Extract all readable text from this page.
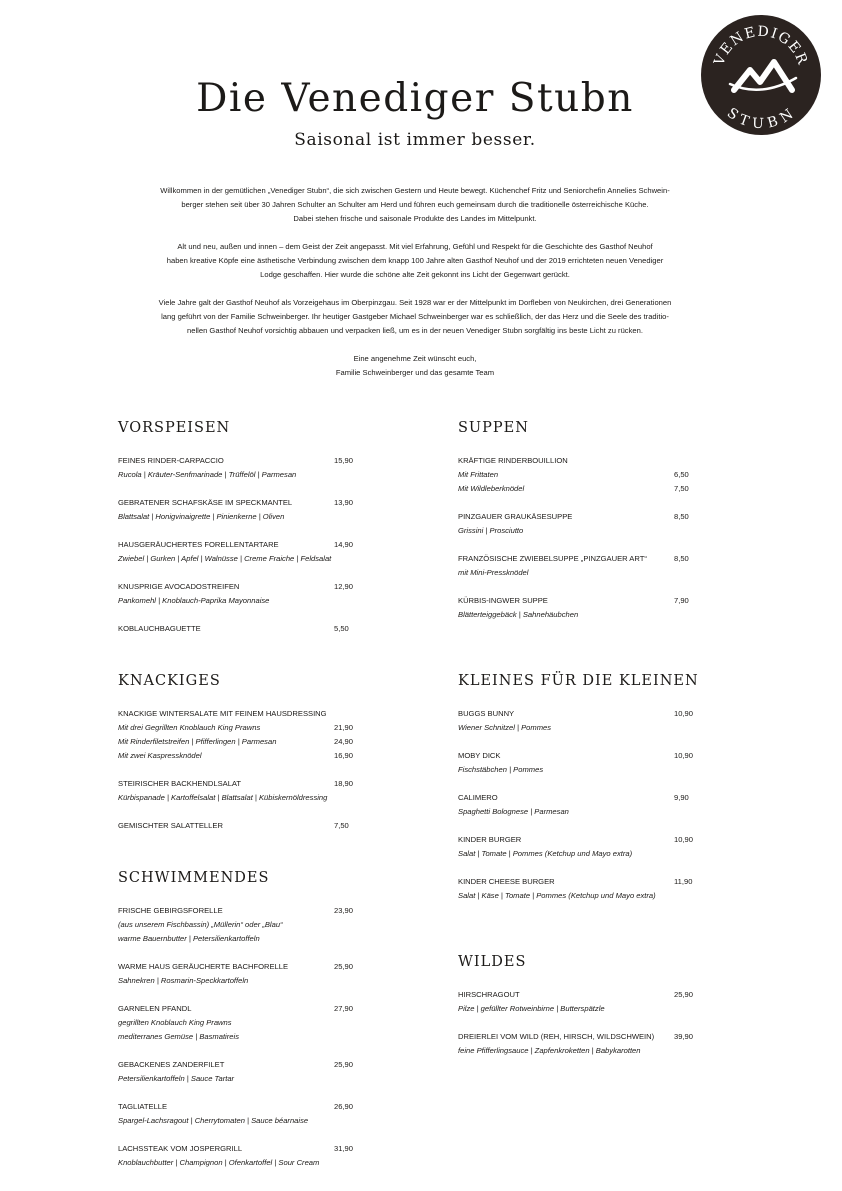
VENEDIGER
STUBN
Die Venediger Stubn
Saisonal ist immer besser.

Willkommen in der gemütlichen „Venediger Stubn“, die sich zwischen Gestern und Heute bewegt. Küchenchef Fritz und Seniorchefin Annelies Schwein-
berger stehen seit über 30 Jahren Schulter an Schulter am Herd und führen euch gemeinsam durch die traditionelle österreichische Küche.
Dabei stehen frische und saisonale Produkte des Landes im Mittelpunkt.

Alt und neu, außen und innen – dem Geist der Zeit angepasst. Mit viel Erfahrung, Gefühl und Respekt für die Geschichte des Gasthof Neuhof
haben kreative Köpfe eine ästhetische Verbindung zwischen dem knapp 100 Jahre alten Gasthof Neuhof und der 2019 errichteten neuen Venediger
Lodge geschaffen. Hier wurde die schöne alte Zeit gekonnt ins Licht der Gegenwart gerückt.

Viele Jahre galt der Gasthof Neuhof als Vorzeigehaus im Oberpinzgau. Seit 1928 war er der Mittelpunkt im Dorfleben von Neukirchen, drei Generationen
lang geführt von der Familie Schweinberger. Ihr heutiger Gastgeber Michael Schweinberger war es schließlich, der das Herz und die Seele des traditio-
nellen Gasthof Neuhof vorsichtig abbauen und verpacken ließ, um es in der neuen Venediger Stubn sorgfältig ins beste Licht zu rücken.

Eine angenehme Zeit wünscht euch,
Familie Schweinberger und das gesamte Team

VORSPEISEN
FEINES RINDER-CARPACCIO	15,90
Rucola | Kräuter-Senfmarinade | Trüffelöl | Parmesan
GEBRATENER SCHAFSKÄSE IM SPECKMANTEL	13,90
Blattsalat | Honigvinaigrette | Pinienkerne | Oliven
HAUSGERÄUCHERTES FORELLENTARTARE	14,90
Zwiebel | Gurken | Apfel | Walnüsse | Creme Fraiche | Feldsalat
KNUSPRIGE AVOCADOSTREIFEN	12,90
Pankomehl | Knoblauch-Paprika Mayonnaise
KOBLAUCHBAGUETTE	5,50
KNACKIGES
KNACKIGE WINTERSALATE MIT FEINEM HAUSDRESSING
Mit drei Gegrillten Knoblauch King Prawns	21,90
Mit Rinderfiletstreifen | Pfifferlingen | Parmesan	24,90
Mit zwei Kaspressknödel	16,90
STEIRISCHER BACKHENDLSALAT	18,90
Kürbispanade | Kartoffelsalat | Blattsalat | Kübiskernöldressing
GEMISCHTER SALATTELLER	7,50
SCHWIMMENDES
FRISCHE GEBIRGSFORELLE	23,90
(aus unserem Fischbassin) „Müllerin“ oder „Blau“
warme Bauernbutter | Petersilienkartoffeln
WARME HAUS GERÄUCHERTE BACHFORELLE	25,90
Sahnekren | Rosmarin-Speckkartoffeln
GARNELEN PFANDL	27,90
gegrillten Knoblauch King Prawns
mediterranes Gemüse | Basmatireis
GEBACKENES ZANDERFILET	25,90
Petersilienkartoffeln | Sauce Tartar
TAGLIATELLE	26,90
Spargel-Lachsragout | Cherrytomaten | Sauce béarnaise
LACHSSTEAK VOM JOSPERGRILL	31,90
Knoblauchbutter | Champignon | Ofenkartoffel | Sour Cream
SUPPEN
KRÄFTIGE RINDERBOUILLION
Mit Frittaten	6,50
Mit Wildleberknödel	7,50
PINZGAUER GRAUKÄSESUPPE	8,50
Grissini | Prosciutto
FRANZÖSISCHE ZWIEBELSUPPE „PINZGAUER ART“	8,50
mit Mini-Pressknödel
KÜRBIS-INGWER SUPPE	7,90
Blätterteiggebäck | Sahnehäubchen
KLEINES FÜR DIE KLEINEN
BUGGS BUNNY	10,90
Wiener Schnitzel | Pommes
MOBY DICK	10,90
Fischstäbchen | Pommes
CALIMERO	9,90
Spaghetti Bolognese | Parmesan
KINDER BURGER	10,90
Salat | Tomate | Pommes (Ketchup und Mayo extra)
KINDER CHEESE BURGER	11,90
Salat | Käse | Tomate | Pommes (Ketchup und Mayo extra)
WILDES
HIRSCHRAGOUT	25,90
Pilze | gefüllter Rotweinbirne | Butterspätzle
DREIERLEI VOM WILD (REH, HIRSCH, WILDSCHWEIN)	39,90
feine Pfifferlingsauce | Zapfenkroketten | Babykarotten
